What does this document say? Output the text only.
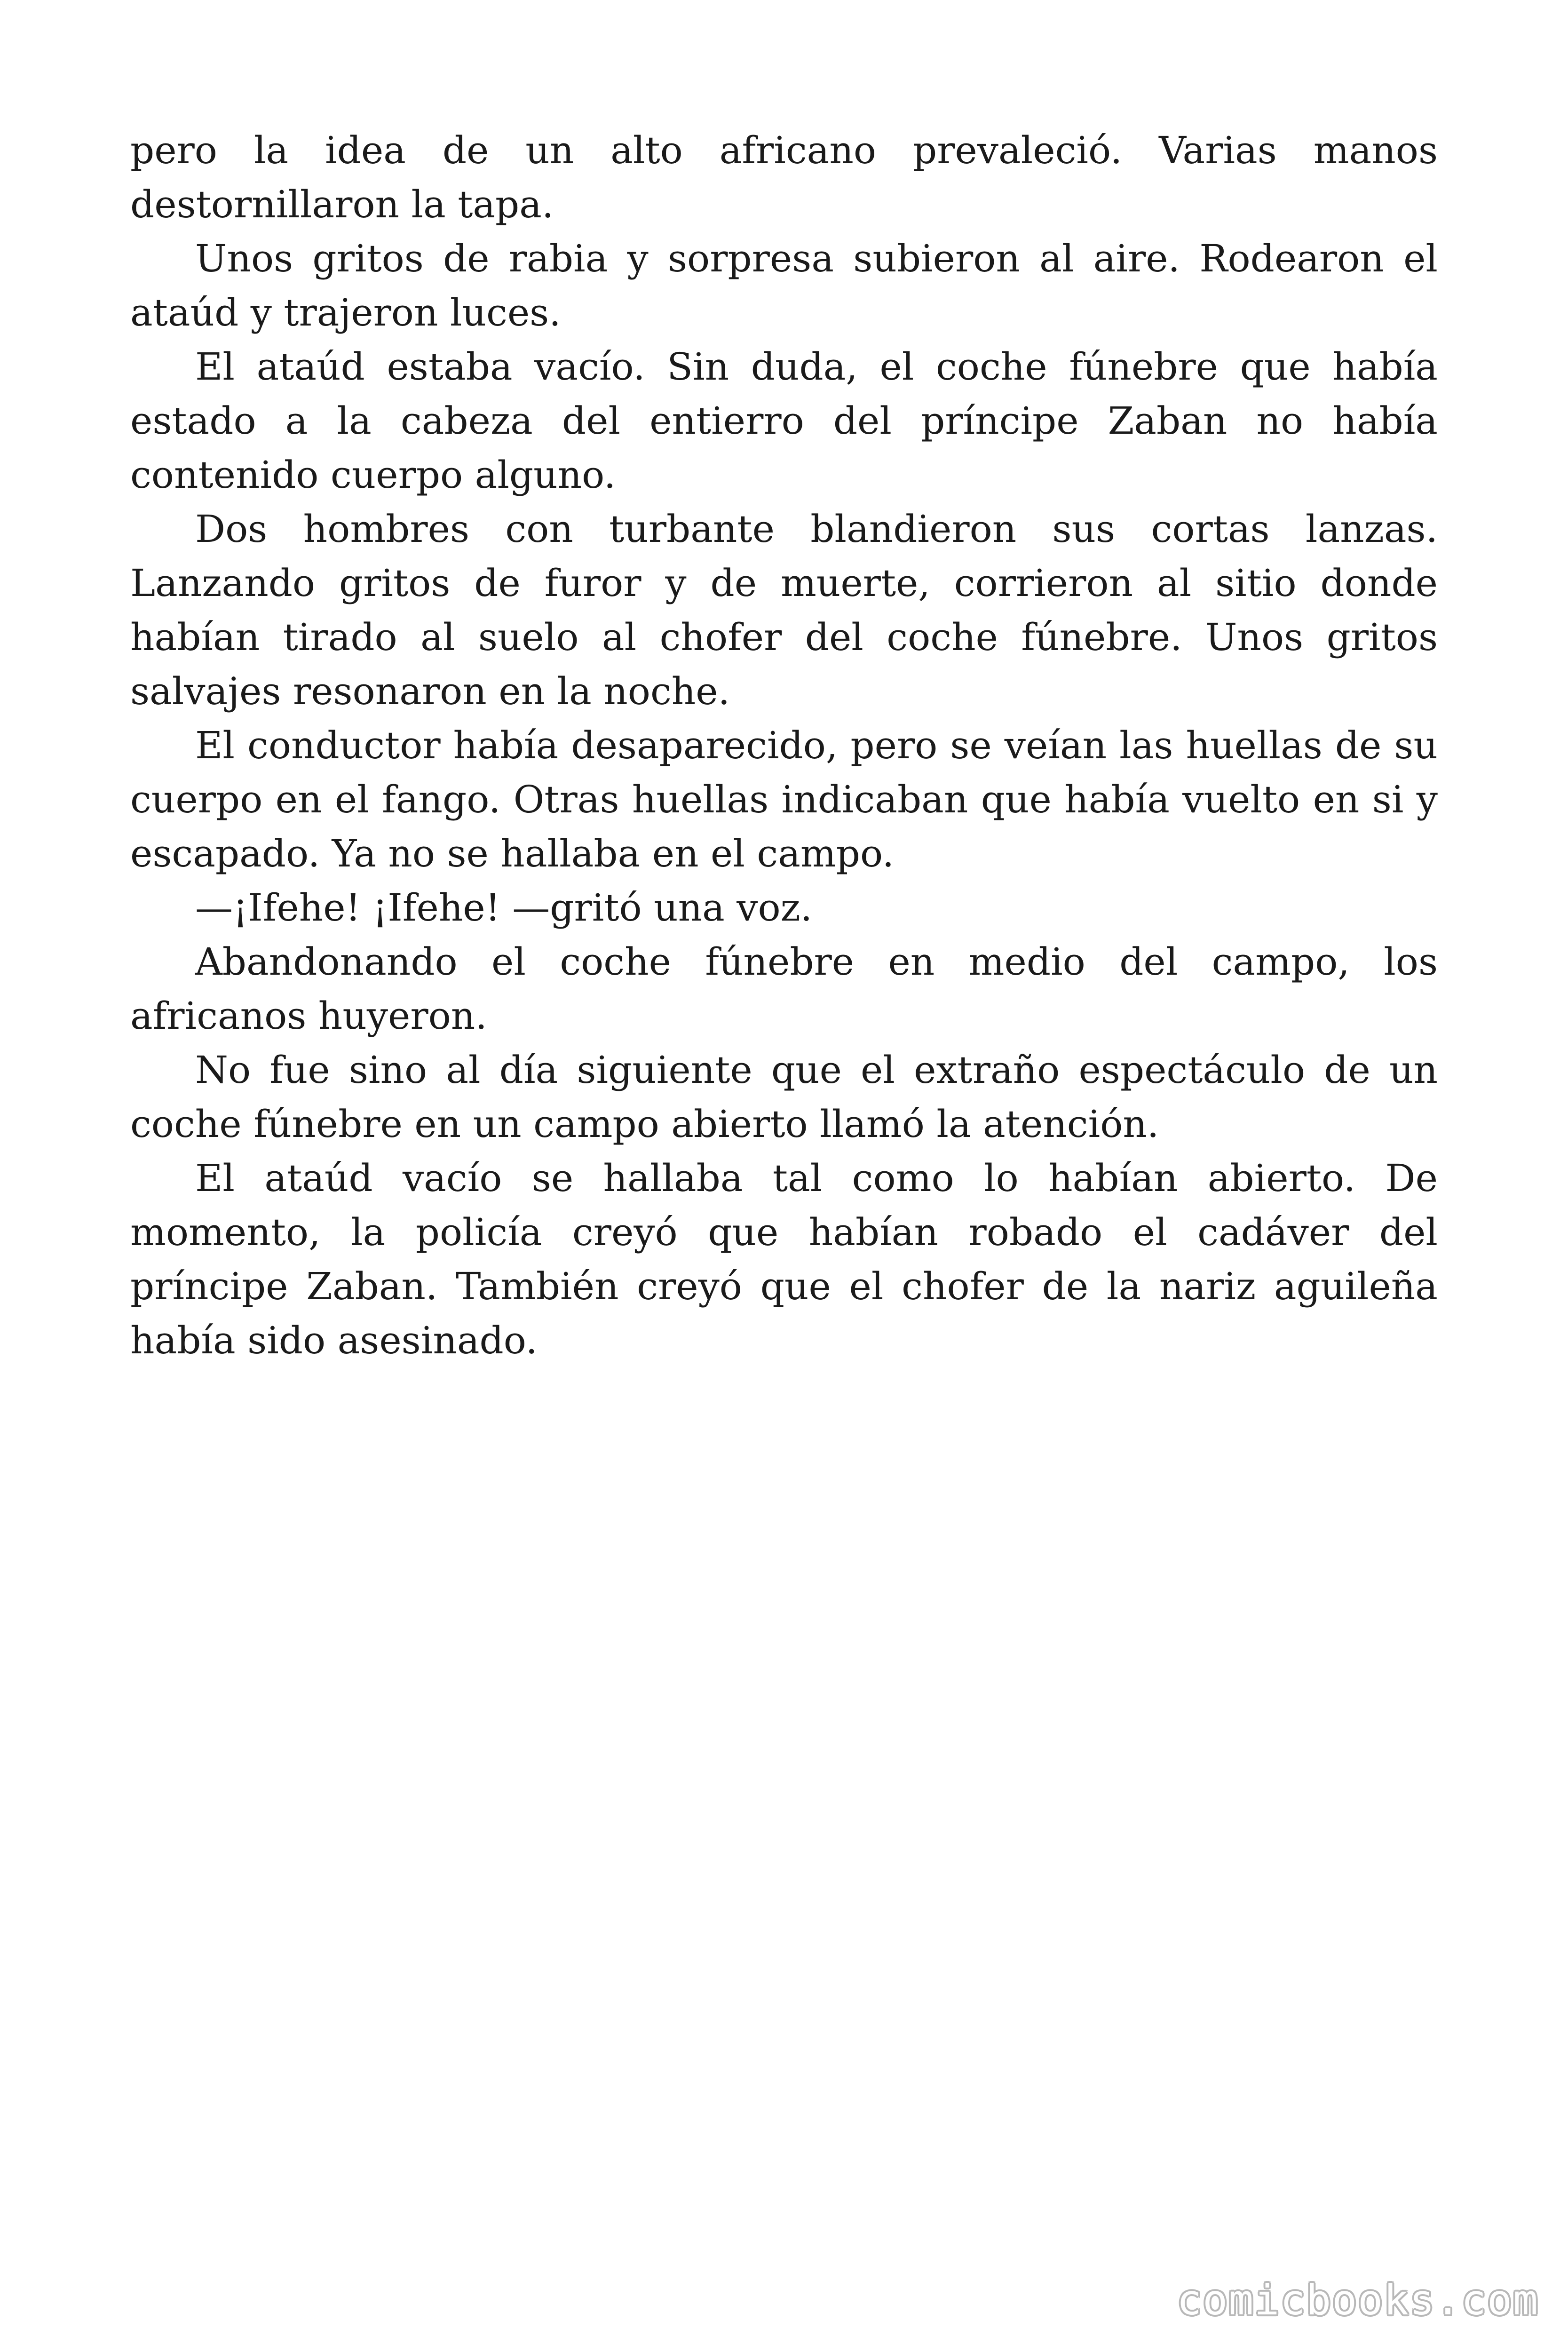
pero la idea de un alto africano prevaleció. Varias manos destornillaron la tapa.

Unos gritos de rabia y sorpresa subieron al aire. Rodearon el ataúd y trajeron luces.

El ataúd estaba vacío. Sin duda, el coche fúnebre que había estado a la cabeza del entierro del príncipe Zaban no había contenido cuerpo alguno.

Dos hombres con turbante blandieron sus cortas lanzas. Lanzando gritos de furor y de muerte, corrieron al sitio donde habían tirado al suelo al chofer del coche fúnebre. Unos gritos salvajes resonaron en la noche.

El conductor había desaparecido, pero se veían las huellas de su cuerpo en el fango. Otras huellas indicaban que había vuelto en si y escapado. Ya no se hallaba en el campo.

—¡Ifehe! ¡Ifehe! —gritó una voz.

Abandonando el coche fúnebre en medio del campo, los africanos huyeron.

No fue sino al día siguiente que el extraño espectáculo de un coche fúnebre en un campo abierto llamó la atención.

El ataúd vacío se hallaba tal como lo habían abierto. De momento, la policía creyó que habían robado el cadáver del príncipe Zaban. También creyó que el chofer de la nariz aguileña había sido asesinado.

comicbooks.com
